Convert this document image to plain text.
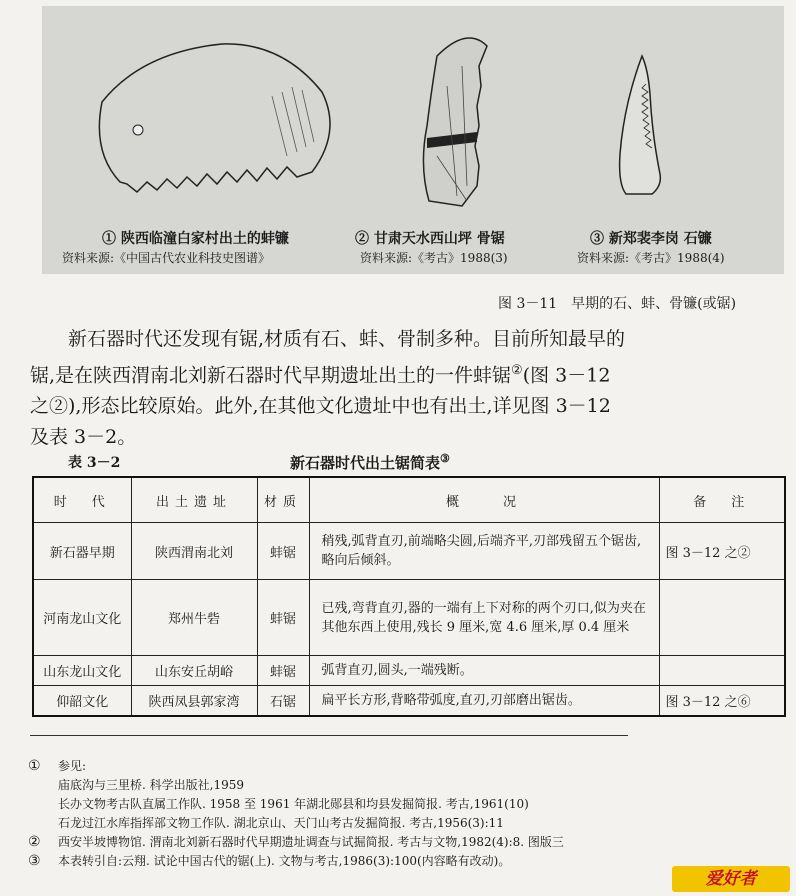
① 陕西临潼白家村出土的蚌镰
资料来源:《中国古代农业科技史图谱》
② 甘肃天水西山坪 骨锯
资料来源:《考古》1988(3)
③ 新郑裴李岗 石镰
资料来源:《考古》1988(4)
图 3－11　早期的石、蚌、骨镰(或锯)

新石器时代还发现有锯,材质有石、蚌、骨制多种。目前所知最早的锯,是在陕西渭南北刘新石器时代早期遗址出土的一件蚌锯②(图 3－12 之②),形态比较原始。此外,在其他文化遗址中也有出土,详见图 3－12 及表 3－2。

表 3－2	新石器时代出土锯简表③
时　代	出土遗址	材质	概　　况	备　注
新石器早期	陕西渭南北刘	蚌锯	稍残,弧背直刃,前端略尖圆,后端齐平,刃部残留五个锯齿,略向后倾斜。	图 3－12 之②
河南龙山文化	郑州牛砦	蚌锯	已残,弯背直刃,器的一端有上下对称的两个刃口,似为夹在其他东西上使用,残长 9 厘米,宽 4.6 厘米,厚 0.4 厘米	
山东龙山文化	山东安丘胡峪	蚌锯	弧背直刃,圆头,一端残断。	
仰韶文化	陕西凤县郭家湾	石锯	扁平长方形,背略带弧度,直刃,刃部磨出锯齿。	图 3－12 之⑥
① 参见:
庙底沟与三里桥. 科学出版社,1959
长办文物考古队直属工作队. 1958 至 1961 年湖北郧县和均县发掘简报. 考古,1961(10)
石龙过江水库指挥部文物工作队. 湖北京山、天门山考古发掘简报. 考古,1956(3):11
② 西安半坡博物馆. 渭南北刘新石器时代早期遗址调查与试掘简报. 考古与文物,1982(4):8. 图版三
③ 本表转引自:云翔. 试论中国古代的锯(上). 文物与考古,1986(3):100(内容略有改动)。
爱好者
